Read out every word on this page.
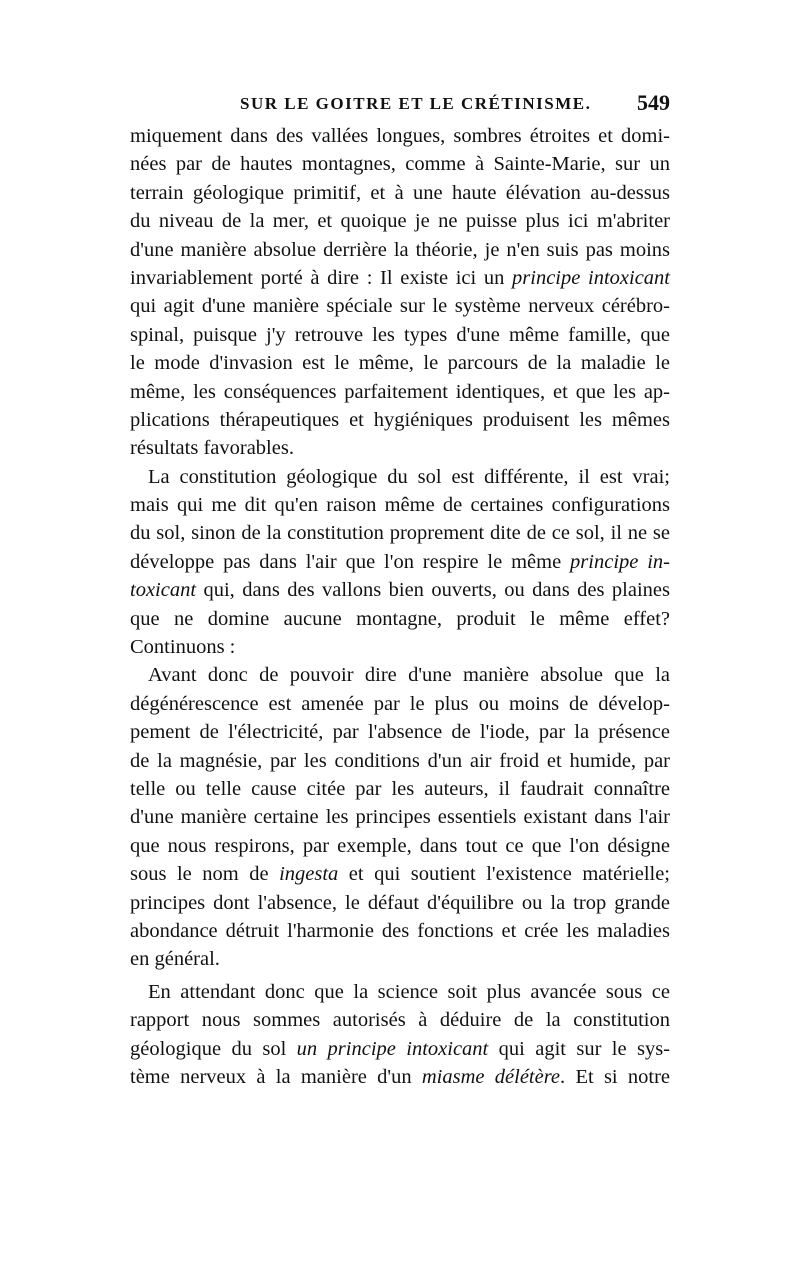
SUR LE GOITRE ET LE CRÉTINISME. 549
miquement dans des vallées longues, sombres étroites et domi-
nées par de hautes montagnes, comme à Sainte-Marie, sur un
terrain géologique primitif, et à une haute élévation au-dessus
du niveau de la mer, et quoique je ne puisse plus ici m'abriter
d'une manière absolue derrière la théorie, je n'en suis pas moins
invariablement porté à dire : Il existe ici un principe intoxicant
qui agit d'une manière spéciale sur le système nerveux cérébro-
spinal, puisque j'y retrouve les types d'une même famille, que
le mode d'invasion est le même, le parcours de la maladie le
même, les conséquences parfaitement identiques, et que les ap-
plications thérapeutiques et hygiéniques produisent les mêmes
résultats favorables.
La constitution géologique du sol est différente, il est vrai;
mais qui me dit qu'en raison même de certaines configurations
du sol, sinon de la constitution proprement dite de ce sol, il ne se
développe pas dans l'air que l'on respire le même principe in-
toxicant qui, dans des vallons bien ouverts, ou dans des plaines
que ne domine aucune montagne, produit le même effet?
Continuons :
Avant donc de pouvoir dire d'une manière absolue que la
dégénérescence est amenée par le plus ou moins de dévelop-
pement de l'électricité, par l'absence de l'iode, par la présence
de la magnésie, par les conditions d'un air froid et humide, par
telle ou telle cause citée par les auteurs, il faudrait connaître
d'une manière certaine les principes essentiels existant dans l'air
que nous respirons, par exemple, dans tout ce que l'on désigne
sous le nom de ingesta et qui soutient l'existence matérielle;
principes dont l'absence, le défaut d'équilibre ou la trop grande
abondance détruit l'harmonie des fonctions et crée les maladies
en général.
En attendant donc que la science soit plus avancée sous ce
rapport nous sommes autorisés à déduire de la constitution
géologique du sol un principe intoxicant qui agit sur le sys-
tème nerveux à la manière d'un miasme délétère. Et si notre
